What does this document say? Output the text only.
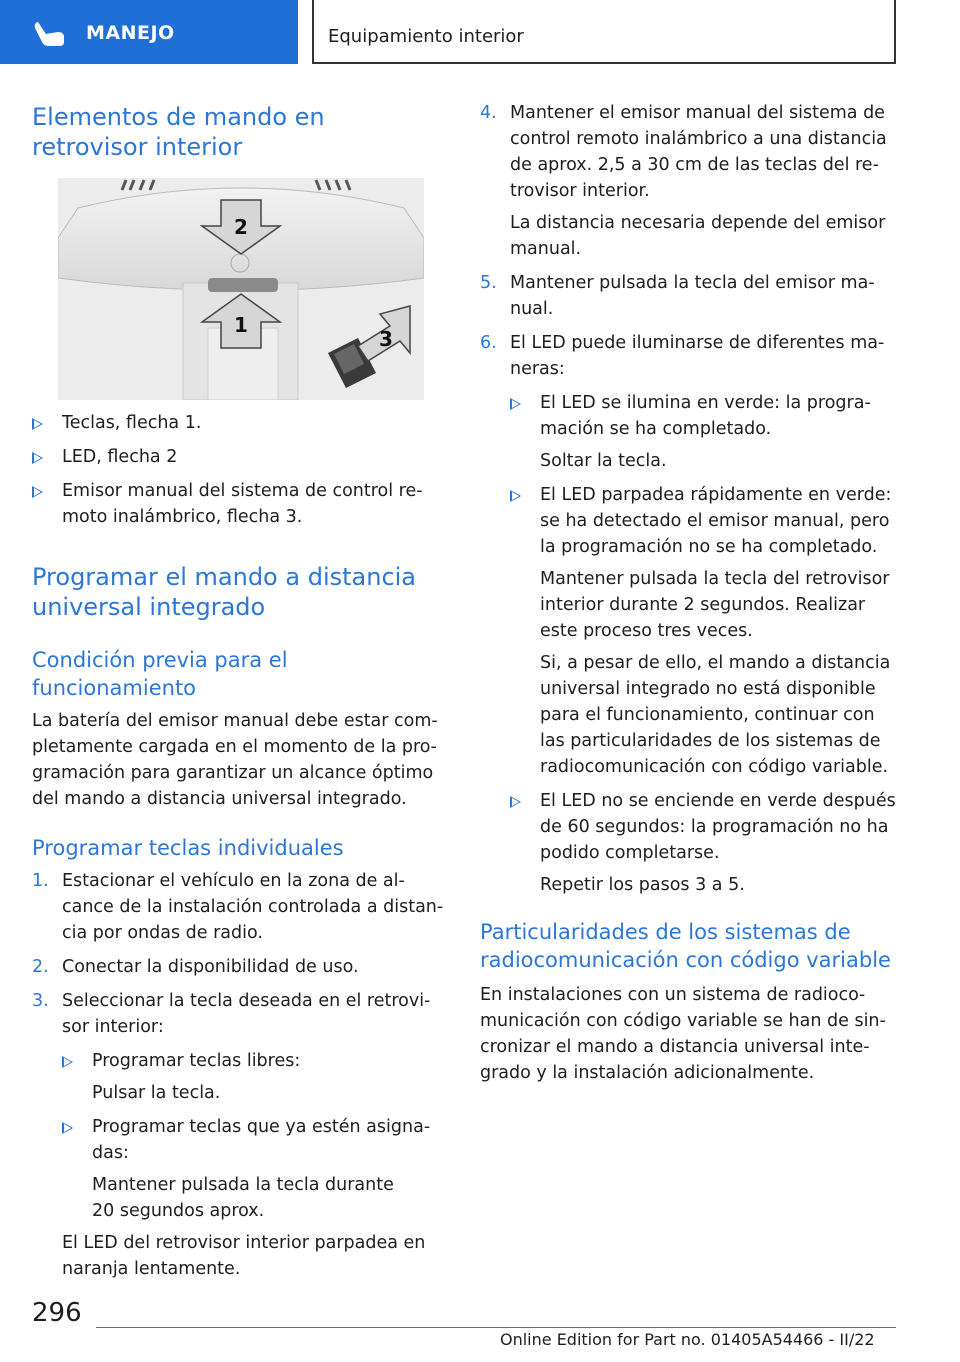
MANEJO	Equipamiento interior
Elementos de mando en retrovisor interior
2
1
3
Teclas, flecha 1.
LED, flecha 2
Emisor manual del sistema de control remoto inalámbrico, flecha 3.
Programar el mando a distancia universal integrado
Condición previa para el funcionamiento
La batería del emisor manual debe estar completamente cargada en el momento de la programación para garantizar un alcance óptimo del mando a distancia universal integrado.
Programar teclas individuales
1. Estacionar el vehículo en la zona de alcance de la instalación controlada a distancia por ondas de radio.
2. Conectar la disponibilidad de uso.
3. Seleccionar la tecla deseada en el retrovisor interior:
Programar teclas libres:
Pulsar la tecla.
Programar teclas que ya estén asignadas:
Mantener pulsada la tecla durante 20 segundos aprox.
El LED del retrovisor interior parpadea en naranja lentamente.
4. Mantener el emisor manual del sistema de control remoto inalámbrico a una distancia de aprox. 2,5 a 30 cm de las teclas del retrovisor interior.
La distancia necesaria depende del emisor manual.
5. Mantener pulsada la tecla del emisor manual.
6. El LED puede iluminarse de diferentes maneras:
El LED se ilumina en verde: la programación se ha completado.
Soltar la tecla.
El LED parpadea rápidamente en verde: se ha detectado el emisor manual, pero la programación no se ha completado.
Mantener pulsada la tecla del retrovisor interior durante 2 segundos. Realizar este proceso tres veces.
Si, a pesar de ello, el mando a distancia universal integrado no está disponible para el funcionamiento, continuar con las particularidades de los sistemas de radiocomunicación con código variable.
El LED no se enciende en verde después de 60 segundos: la programación no ha podido completarse.
Repetir los pasos 3 a 5.
Particularidades de los sistemas de radiocomunicación con código variable
En instalaciones con un sistema de radiocomunicación con código variable se han de sincronizar el mando a distancia universal integrado y la instalación adicionalmente.
296
Online Edition for Part no. 01405A54466 - II/22
